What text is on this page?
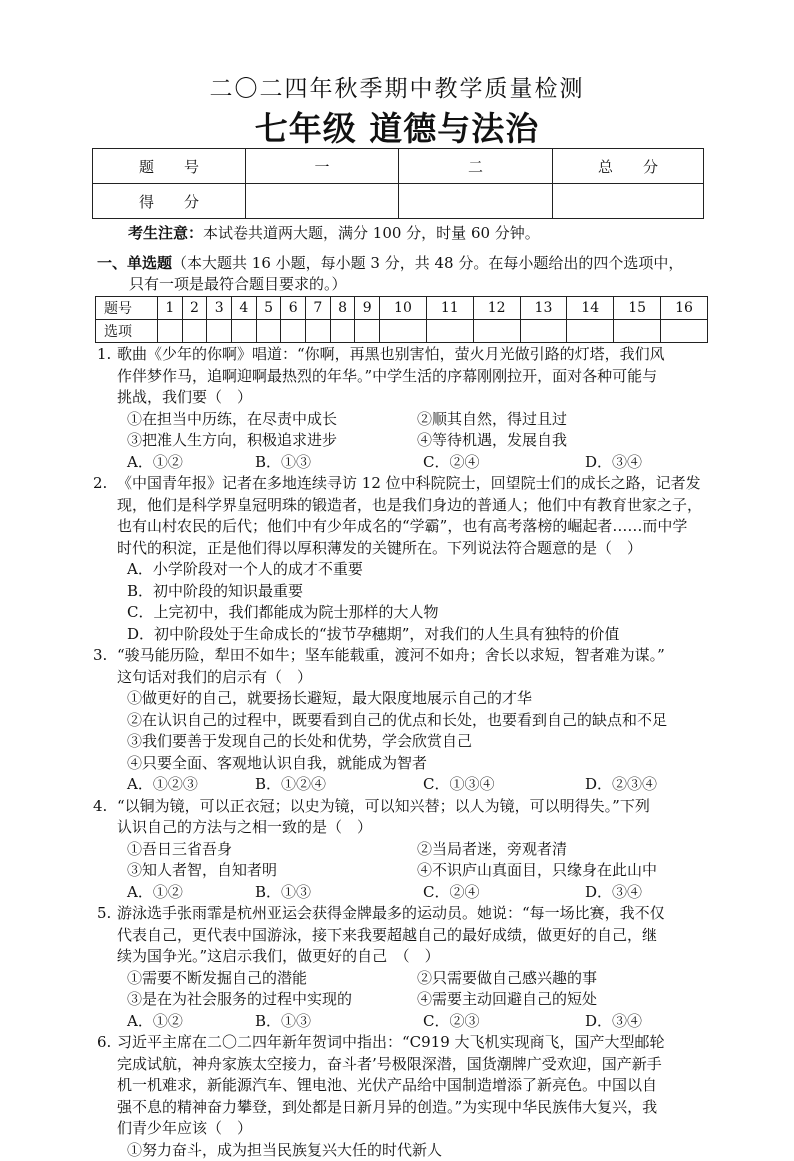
二〇二四年秋季期中教学质量检测
七年级 道德与法治
题　　号	一	二	总　　分
得　　分			
考生注意：本试卷共道两大题，满分 100 分，时量 60 分钟。
一、单选题（本大题共 16 小题，每小题 3 分，共 48 分。在每小题给出的四个选项中，
只有一项是最符合题目要求的。）
题号	1	2	3	4	5	6	7	8	9	10	11	12	13	14	15	16
选项																
1. 歌曲《少年的你啊》唱道：“你啊，再黑也别害怕，萤火月光做引路的灯塔，我们风
作伴梦作马，追啊迎啊最热烈的年华。”中学生活的序幕刚刚拉开，面对各种可能与
挑战，我们要（　）
①在担当中历练，在尽责中成长	②顺其自然，得过且过
③把准人生方向，积极追求进步	④等待机遇，发展自我
A．①②	B．①③	C．②④	D．③④
2. 《中国青年报》记者在多地连续寻访 12 位中科院院士，回望院士们的成长之路，记者发
现，他们是科学界皇冠明珠的锻造者，也是我们身边的普通人；他们中有教育世家之子，
也有山村农民的后代；他们中有少年成名的“学霸”，也有高考落榜的崛起者……而中学
时代的积淀，正是他们得以厚积薄发的关键所在。下列说法符合题意的是（　）
A．小学阶段对一个人的成才不重要
B．初中阶段的知识最重要
C．上完初中，我们都能成为院士那样的大人物
D．初中阶段处于生命成长的“拔节孕穗期”，对我们的人生具有独特的价值
3. “骏马能历险，犁田不如牛；坚车能载重，渡河不如舟；舍长以求短，智者难为谋。”
这句话对我们的启示有（　）
①做更好的自己，就要扬长避短，最大限度地展示自己的才华
②在认识自己的过程中，既要看到自己的优点和长处，也要看到自己的缺点和不足
③我们要善于发现自己的长处和优势，学会欣赏自己
④只要全面、客观地认识自我，就能成为智者
A．①②③	B．①②④	C．①③④	D．②③④
4. “以铜为镜，可以正衣冠；以史为镜，可以知兴替；以人为镜，可以明得失。”下列
认识自己的方法与之相一致的是（　）
①吾日三省吾身	②当局者迷，旁观者清
③知人者智，自知者明	④不识庐山真面目，只缘身在此山中
A．①②	B．①③	C．②④	D．③④
5. 游泳选手张雨霏是杭州亚运会获得金牌最多的运动员。她说：“每一场比赛，我不仅
代表自己，更代表中国游泳，接下来我要超越自己的最好成绩，做更好的自己，继
续为国争光。”这启示我们，做更好的自己　（　）
①需要不断发掘自己的潜能	②只需要做自己感兴趣的事
③是在为社会服务的过程中实现的	④需要主动回避自己的短处
A．①②	B．①③	C．②③	D．③④
6. 习近平主席在二〇二四年新年贺词中指出：“C919 大飞机实现商飞，国产大型邮轮
完成试航，神舟家族太空接力，奋斗者’号极限深潜，国货潮牌广受欢迎，国产新手
机一机难求，新能源汽车、锂电池、光伏产品给中国制造增添了新亮色。中国以自
强不息的精神奋力攀登，到处都是日新月异的创造。”为实现中华民族伟大复兴，我
们青少年应该（　）
①努力奋斗，成为担当民族复兴大任的时代新人
